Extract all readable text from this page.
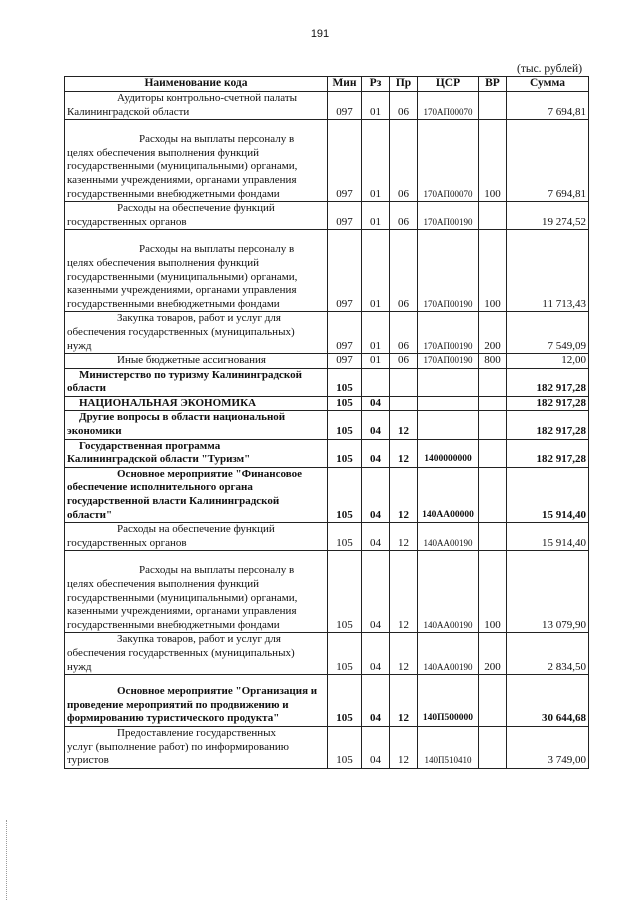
191
(тыс. рублей)
Наименование кода	Мин	Рз	Пр	ЦСР	ВР	Сумма

Аудиторы контрольно-счетной палаты
Калининградской области	097	01	06	170АП00070		7 694,81

Расходы на выплаты персоналу в
целях обеспечения выполнения функций
государственными (муниципальными) органами,
казенными учреждениями, органами управления
государственными внебюджетными фондами	097	01	06	170АП00070	100	7 694,81

Расходы на обеспечение функций
государственных органов	097	01	06	170АП00190		19 274,52

Расходы на выплаты персоналу в
целях обеспечения выполнения функций
государственными (муниципальными) органами,
казенными учреждениями, органами управления
государственными внебюджетными фондами	097	01	06	170АП00190	100	11 713,43

Закупка товаров, работ и услуг для
обеспечения государственных (муниципальных)
нужд	097	01	06	170АП00190	200	7 549,09

Иные бюджетные ассигнования	097	01	06	170АП00190	800	12,00

Министерство по туризму Калининградской
области	105					182 917,28

НАЦИОНАЛЬНАЯ ЭКОНОМИКА	105	04				182 917,28

Другие вопросы в области национальной
экономики	105	04	12			182 917,28

Государственная программа
Калининградской области "Туризм"	105	04	12	1400000000		182 917,28

Основное мероприятие "Финансовое
обеспечение исполнительного органа
государственной власти Калининградской
области"	105	04	12	140АА00000		15 914,40

Расходы на обеспечение функций
государственных органов	105	04	12	140АА00190		15 914,40

Расходы на выплаты персоналу в
целях обеспечения выполнения функций
государственными (муниципальными) органами,
казенными учреждениями, органами управления
государственными внебюджетными фондами	105	04	12	140АА00190	100	13 079,90

Закупка товаров, работ и услуг для
обеспечения государственных (муниципальных)
нужд	105	04	12	140АА00190	200	2 834,50

Основное мероприятие "Организация и
проведение мероприятий по продвижению и
формированию туристического продукта"	105	04	12	140П500000		30 644,68

Предоставление государственных
услуг (выполнение работ) по информированию
туристов	105	04	12	140П510410		3 749,00
